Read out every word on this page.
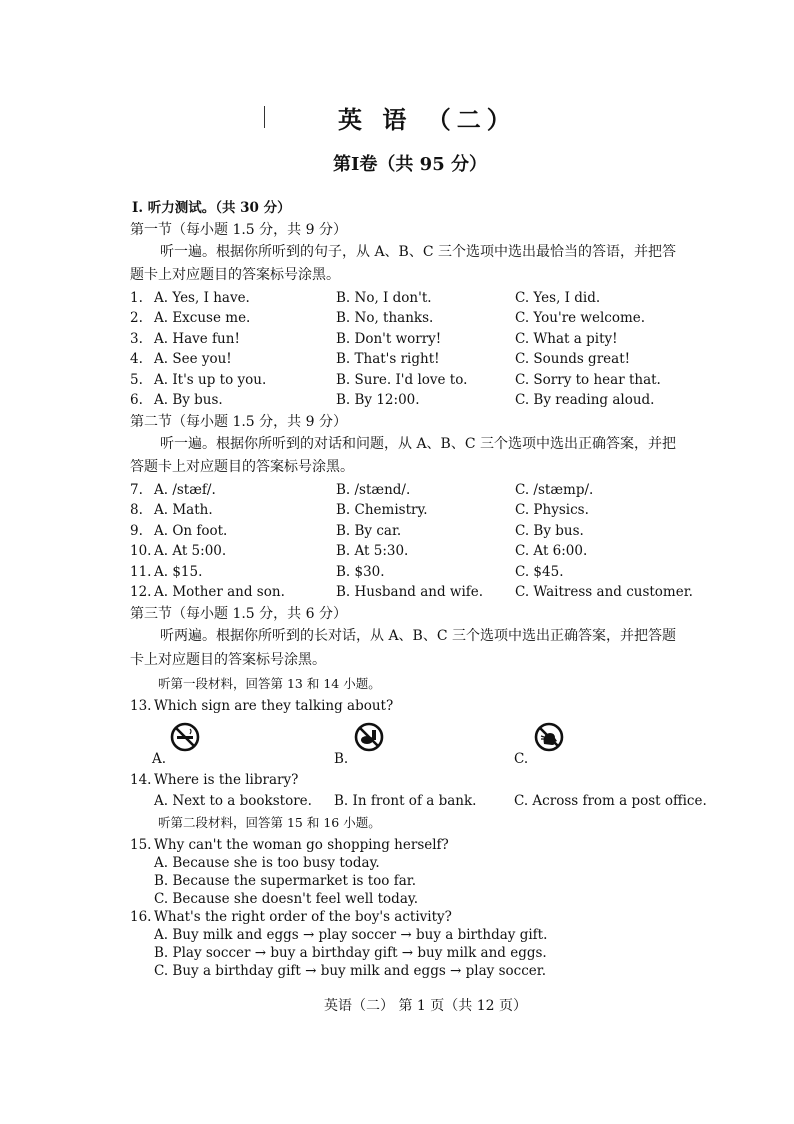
英 语 （二）
第Ⅰ卷（共 95 分）
I. 听力测试。（共 30 分）
第一节（每小题 1.5 分，共 9 分）
听一遍。根据你所听到的句子，从 A、B、C 三个选项中选出最恰当的答语，并把答
题卡上对应题目的答案标号涂黑。
1. A. Yes, I have.	B. No, I don't.	C. Yes, I did.
2. A. Excuse me.	B. No, thanks.	C. You're welcome.
3. A. Have fun!	B. Don't worry!	C. What a pity!
4. A. See you!	B. That's right!	C. Sounds great!
5. A. It's up to you.	B. Sure. I'd love to.	C. Sorry to hear that.
6. A. By bus.	B. By 12:00.	C. By reading aloud.
第二节（每小题 1.5 分，共 9 分）
听一遍。根据你所听到的对话和问题，从 A、B、C 三个选项中选出正确答案，并把
答题卡上对应题目的答案标号涂黑。
7. A. /stæf/.	B. /stænd/.	C. /stæmp/.
8. A. Math.	B. Chemistry.	C. Physics.
9. A. On foot.	B. By car.	C. By bus.
10. A. At 5:00.	B. At 5:30.	C. At 6:00.
11. A. $15.	B. $30.	C. $45.
12. A. Mother and son.	B. Husband and wife. C. Waitress and customer.
第三节（每小题 1.5 分，共 6 分）
听两遍。根据你所听到的长对话，从 A、B、C 三个选项中选出正确答案，并把答题
卡上对应题目的答案标号涂黑。
听第一段材料，回答第 13 和 14 小题。
13. Which sign are they talking about?
A.	B.	C.
14. Where is the library?
A. Next to a bookstore. B. In front of a bank.	C. Across from a post office.
听第二段材料，回答第 15 和 16 小题。
15. Why can't the woman go shopping herself?
A. Because she is too busy today.
B. Because the supermarket is too far.
C. Because she doesn't feel well today.
16. What's the right order of the boy's activity?
A. Buy milk and eggs → play soccer → buy a birthday gift.
B. Play soccer → buy a birthday gift → buy milk and eggs.
C. Buy a birthday gift → buy milk and eggs → play soccer.
英语（二） 第 1 页（共 12 页）
